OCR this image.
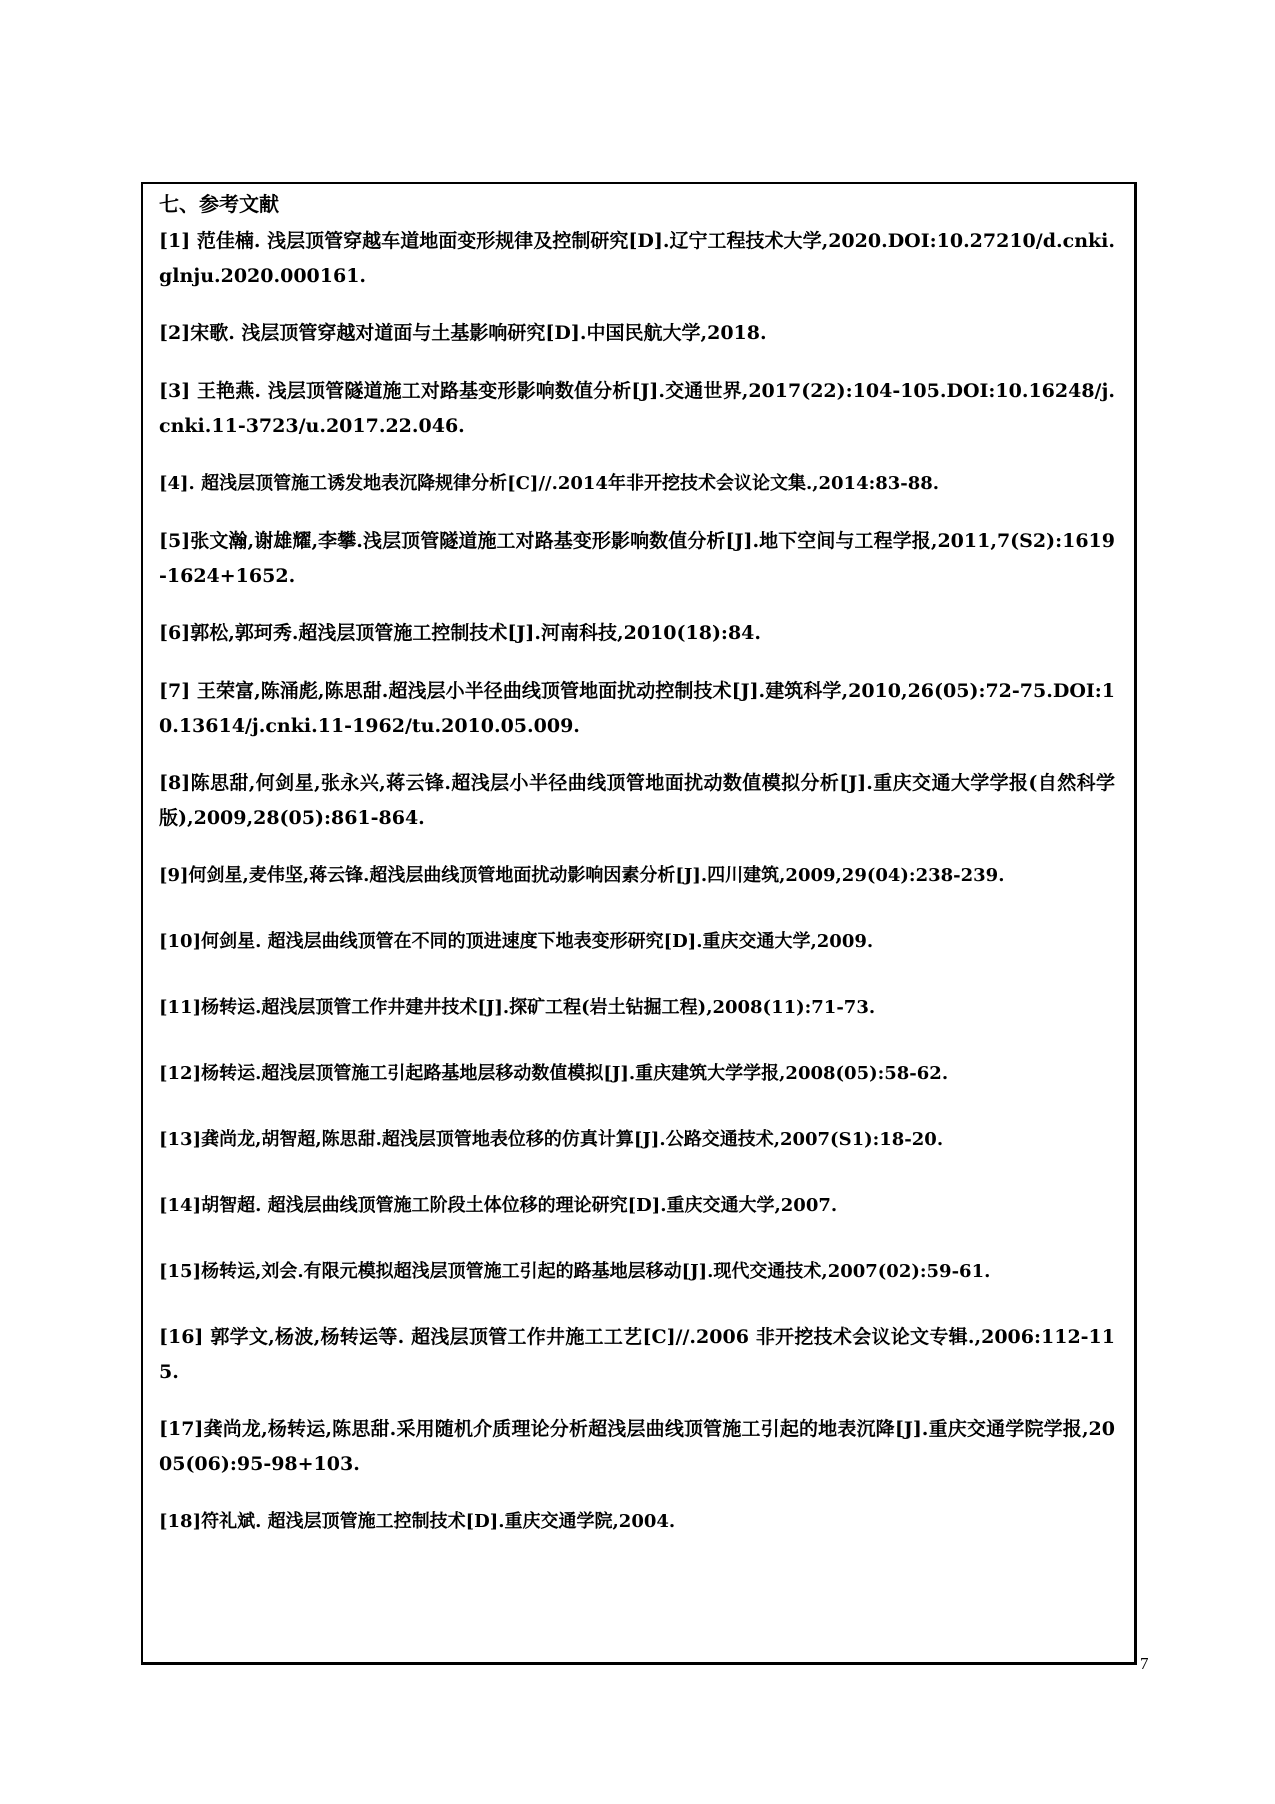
七、参考文献
[1] 范佳楠. 浅层顶管穿越车道地面变形规律及控制研究[D].辽宁工程技术大学,2020.DOI:10.27210/d.cnki.glnju.2020.000161.
[2]宋歌. 浅层顶管穿越对道面与土基影响研究[D].中国民航大学,2018.
[3] 王艳燕. 浅层顶管隧道施工对路基变形影响数值分析[J].交通世界,2017(22):104-105.DOI:10.16248/j.cnki.11-3723/u.2017.22.046.
[4]. 超浅层顶管施工诱发地表沉降规律分析[C]//.2014年非开挖技术会议论文集.,2014:83-88.
[5]张文瀚,谢雄耀,李攀.浅层顶管隧道施工对路基变形影响数值分析[J].地下空间与工程学报,2011,7(S2):1619-1624+1652.
[6]郭松,郭珂秀.超浅层顶管施工控制技术[J].河南科技,2010(18):84.
[7] 王荣富,陈涌彪,陈思甜.超浅层小半径曲线顶管地面扰动控制技术[J].建筑科学,2010,26(05):72-75.DOI:10.13614/j.cnki.11-1962/tu.2010.05.009.
[8]陈思甜,何剑星,张永兴,蒋云锋.超浅层小半径曲线顶管地面扰动数值模拟分析[J].重庆交通大学学报(自然科学版),2009,28(05):861-864.
[9]何剑星,麦伟坚,蒋云锋.超浅层曲线顶管地面扰动影响因素分析[J].四川建筑,2009,29(04):238-239.
[10]何剑星. 超浅层曲线顶管在不同的顶进速度下地表变形研究[D].重庆交通大学,2009.
[11]杨转运.超浅层顶管工作井建井技术[J].探矿工程(岩土钻掘工程),2008(11):71-73.
[12]杨转运.超浅层顶管施工引起路基地层移动数值模拟[J].重庆建筑大学学报,2008(05):58-62.
[13]龚尚龙,胡智超,陈思甜.超浅层顶管地表位移的仿真计算[J].公路交通技术,2007(S1):18-20.
[14]胡智超. 超浅层曲线顶管施工阶段土体位移的理论研究[D].重庆交通大学,2007.
[15]杨转运,刘会.有限元模拟超浅层顶管施工引起的路基地层移动[J].现代交通技术,2007(02):59-61.
[16] 郭学文,杨波,杨转运等. 超浅层顶管工作井施工工艺[C]//.2006 非开挖技术会议论文专辑.,2006:112-115.
[17]龚尚龙,杨转运,陈思甜.采用随机介质理论分析超浅层曲线顶管施工引起的地表沉降[J].重庆交通学院学报,2005(06):95-98+103.
[18]符礼斌. 超浅层顶管施工控制技术[D].重庆交通学院,2004.
7
